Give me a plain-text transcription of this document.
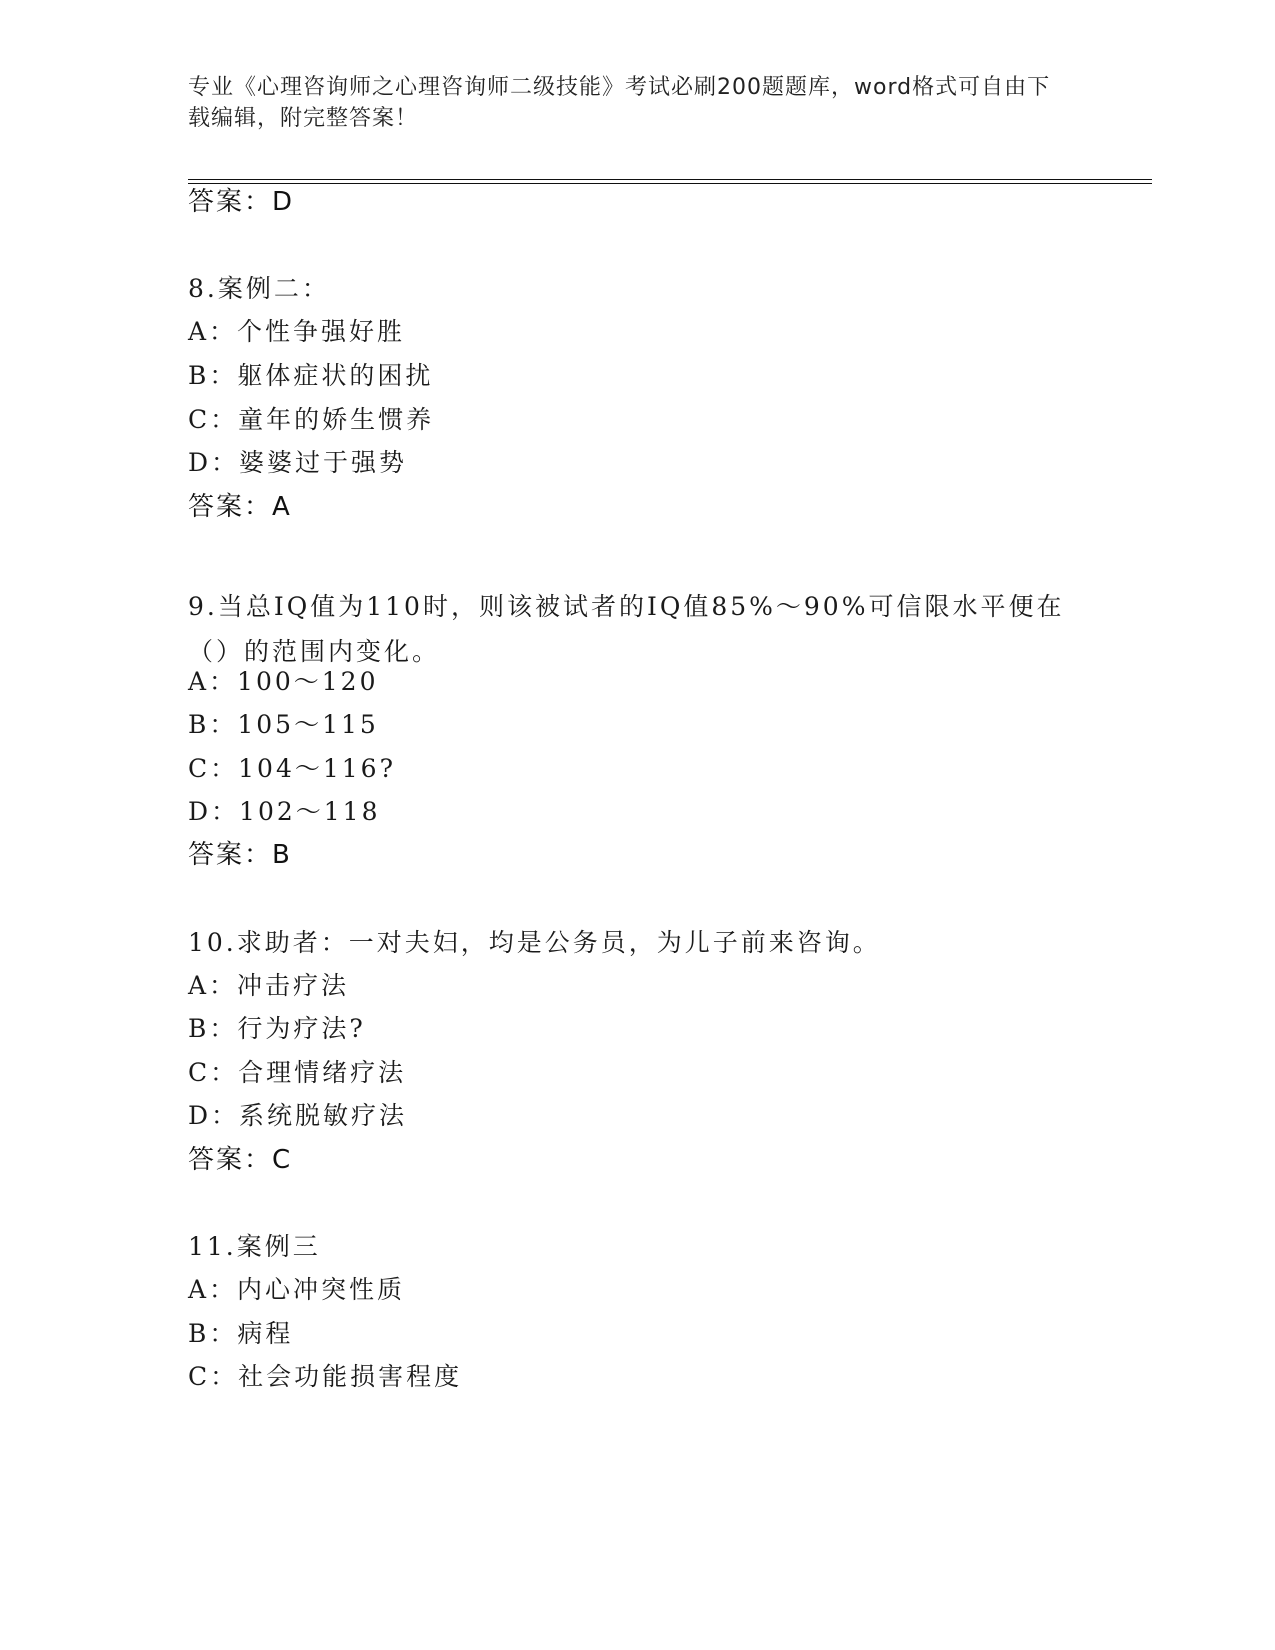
专业《心理咨询师之心理咨询师二级技能》考试必刷200题题库，word格式可自由下载编辑，附完整答案！
答案：D
8.案例二：
A：个性争强好胜
B：躯体症状的困扰
C：童年的娇生惯养
D：婆婆过于强势
答案：A
9.当总IQ值为110时，则该被试者的IQ值85%～90%可信限水平便在（）的范围内变化。
A：100～120
B：105～115
C：104～116?
D：102～118
答案：B
10.求助者：一对夫妇，均是公务员，为儿子前来咨询。
A：冲击疗法
B：行为疗法?
C：合理情绪疗法
D：系统脱敏疗法
答案：C
11.案例三
A：内心冲突性质
B：病程
C：社会功能损害程度
